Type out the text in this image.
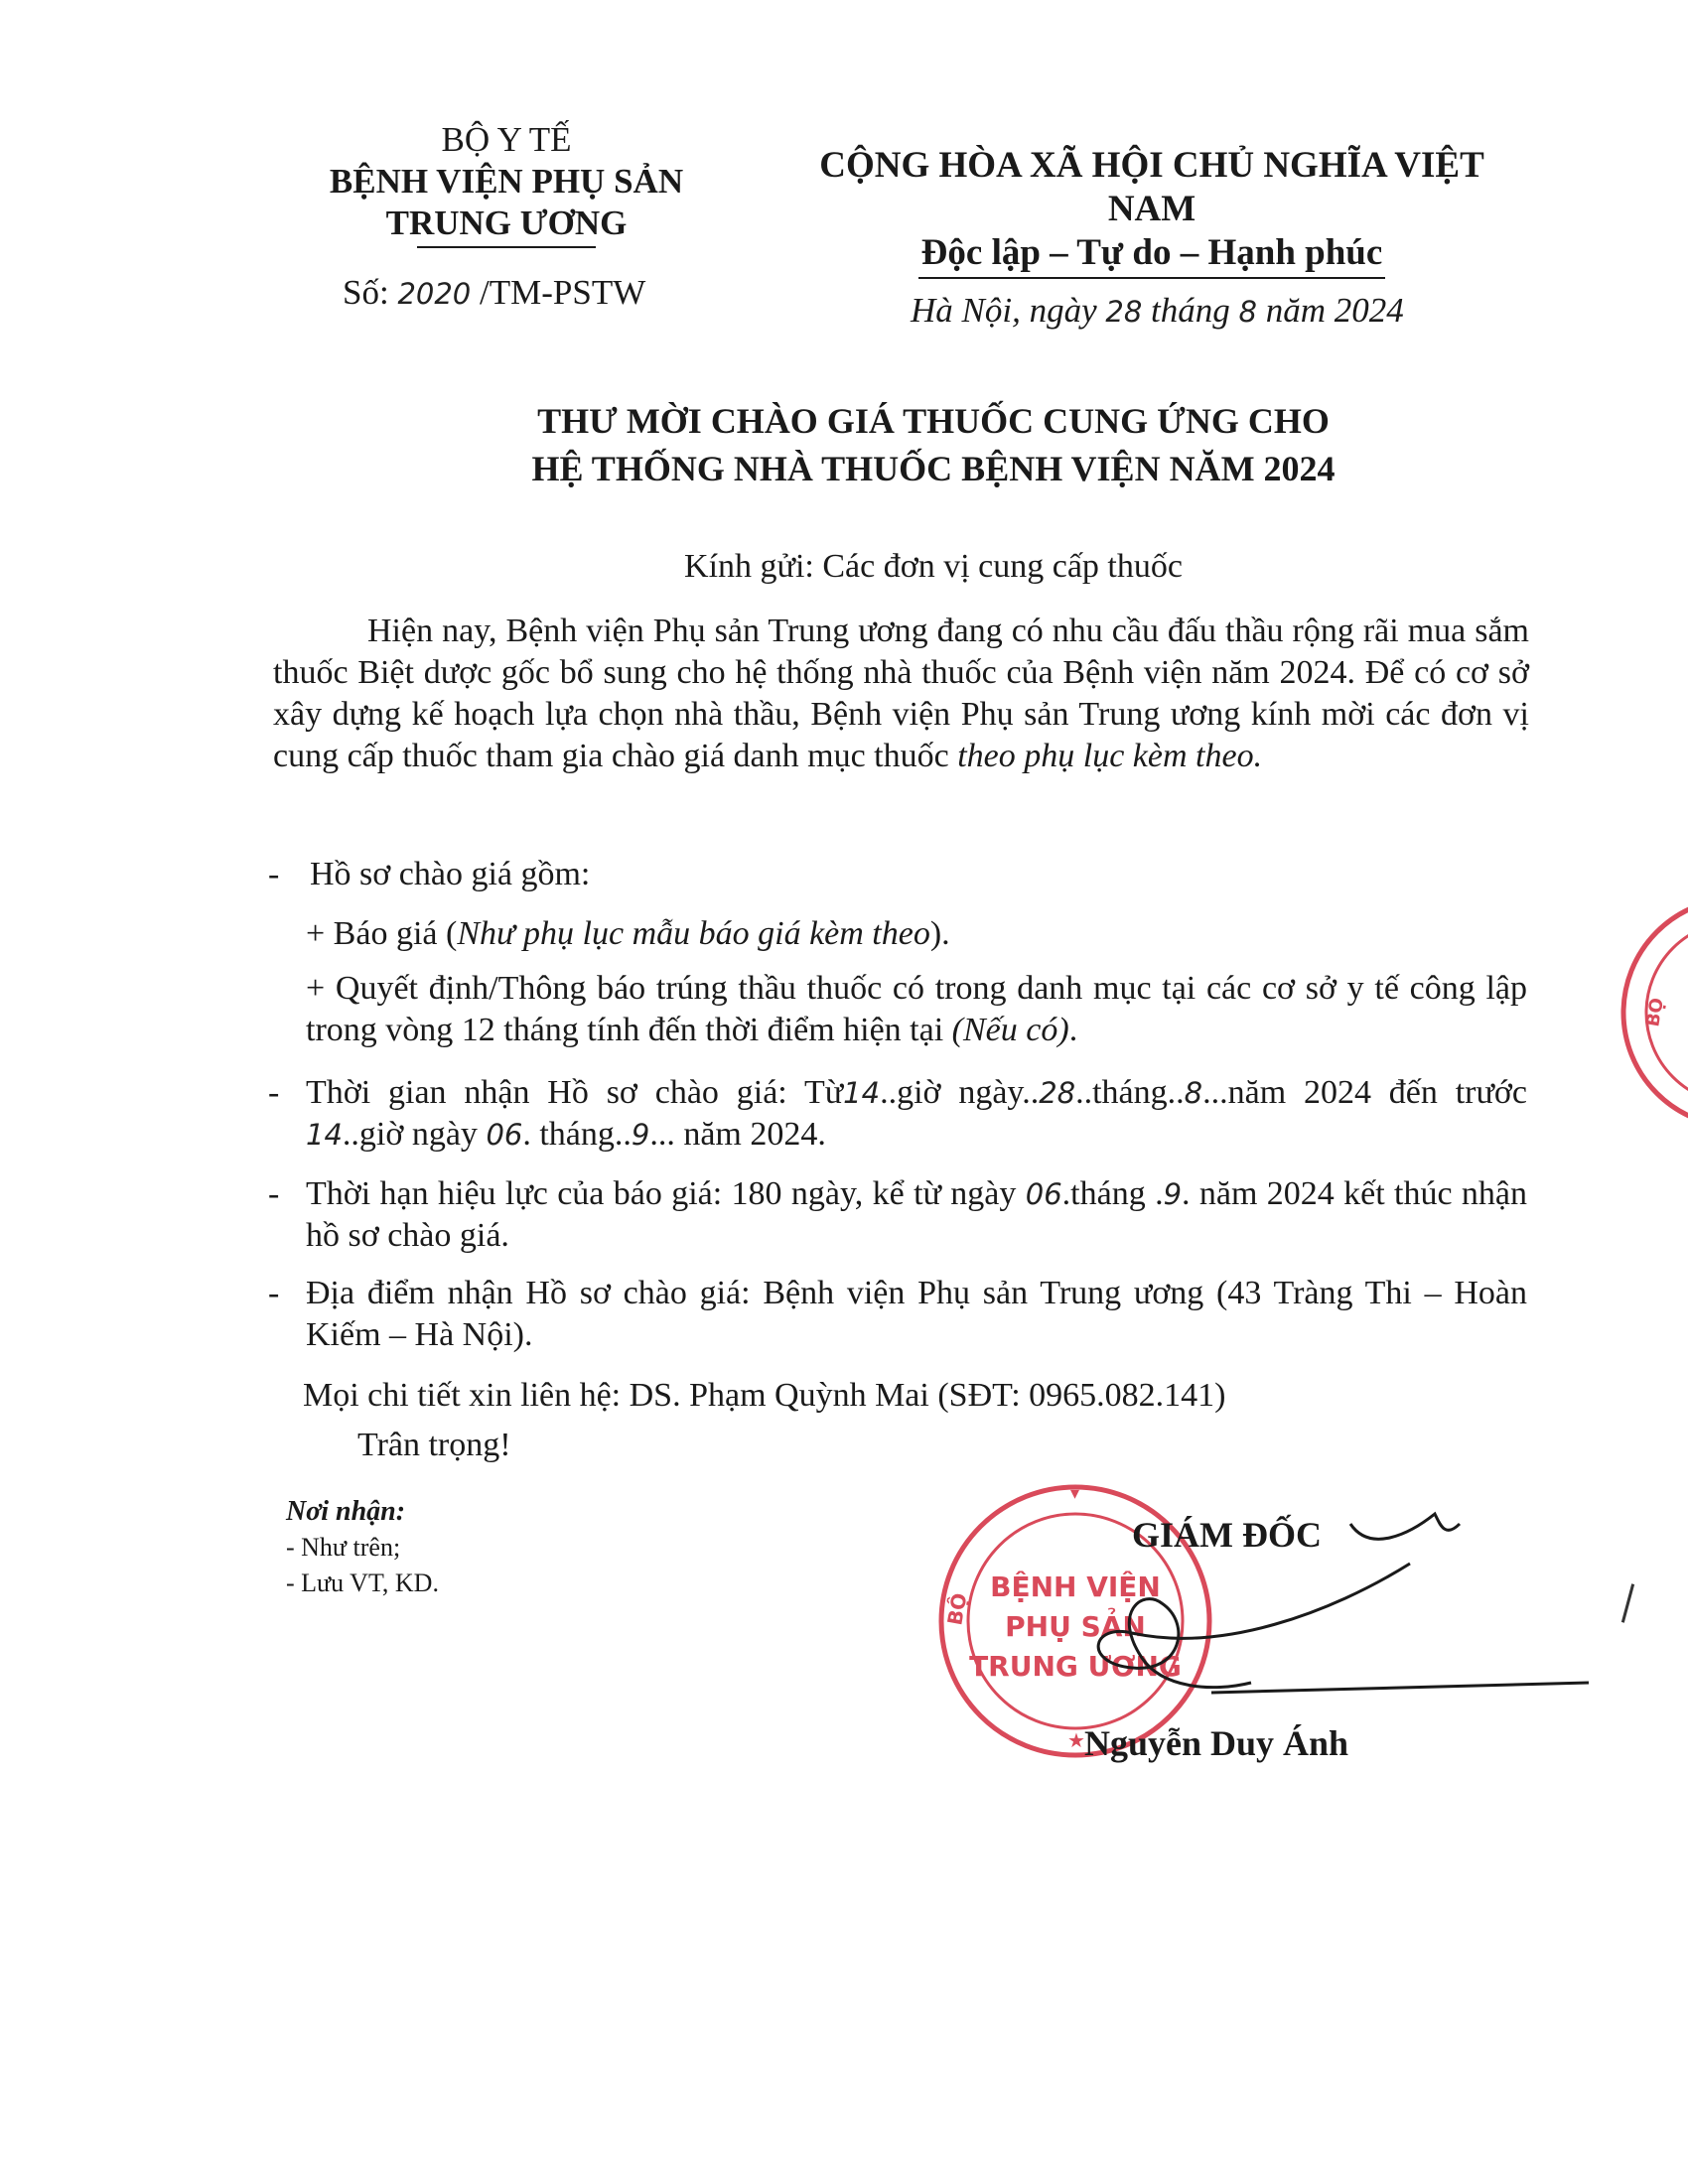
BỘ Y TẾ
BỆNH VIỆN PHỤ SẢN
TRUNG ƯƠNG
CỘNG HÒA XÃ HỘI CHỦ NGHĨA VIỆT NAM
Độc lập – Tự do – Hạnh phúc
Số: 2020 /TM-PSTW	Hà Nội, ngày 28 tháng 8 năm 2024
THƯ MỜI CHÀO GIÁ THUỐC CUNG ỨNG CHO
HỆ THỐNG NHÀ THUỐC BỆNH VIỆN NĂM 2024
Kính gửi: Các đơn vị cung cấp thuốc
Hiện nay, Bệnh viện Phụ sản Trung ương đang có nhu cầu đấu thầu rộng rãi mua sắm thuốc Biệt dược gốc bổ sung cho hệ thống nhà thuốc của Bệnh viện năm 2024. Để có cơ sở xây dựng kế hoạch lựa chọn nhà thầu, Bệnh viện Phụ sản Trung ương kính mời các đơn vị cung cấp thuốc tham gia chào giá danh mục thuốc theo phụ lục kèm theo.
- Hồ sơ chào giá gồm:
+ Báo giá (Như phụ lục mẫu báo giá kèm theo).
+ Quyết định/Thông báo trúng thầu thuốc có trong danh mục tại các cơ sở y tế công lập trong vòng 12 tháng tính đến thời điểm hiện tại (Nếu có).
- Thời gian nhận Hồ sơ chào giá: Từ14..giờ ngày..28..tháng..8...năm 2024 đến trước 14..giờ ngày 06. tháng..9... năm 2024.
- Thời hạn hiệu lực của báo giá: 180 ngày, kể từ ngày 06.tháng .9. năm 2024 kết thúc nhận hồ sơ chào giá.
- Địa điểm nhận Hồ sơ chào giá: Bệnh viện Phụ sản Trung ương (43 Tràng Thi – Hoàn Kiếm – Hà Nội).
Mọi chi tiết xin liên hệ: DS. Phạm Quỳnh Mai (SĐT: 0965.082.141)
Trân trọng!
Nơi nhận:
- Như trên;
- Lưu VT, KD.	BỆNH VIỆN
PHỤ SẢN
TRUNG ƯƠNG
BỘ
▾
★
BỘ
GIÁM ĐỐC
Nguyễn Duy Ánh
